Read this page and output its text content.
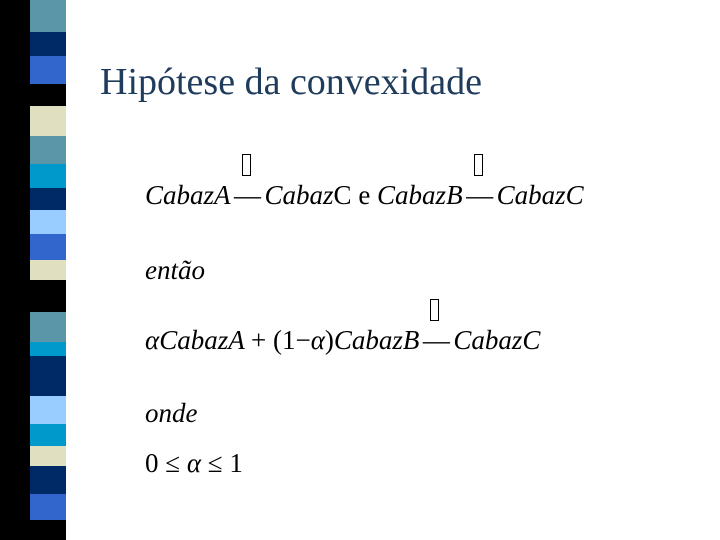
Hipótese da convexidade
CabazA — CabazC e CabazB — CabazC
então
αCabazA + (1−α)CabazB — CabazC
onde
0 ≤ α ≤ 1
